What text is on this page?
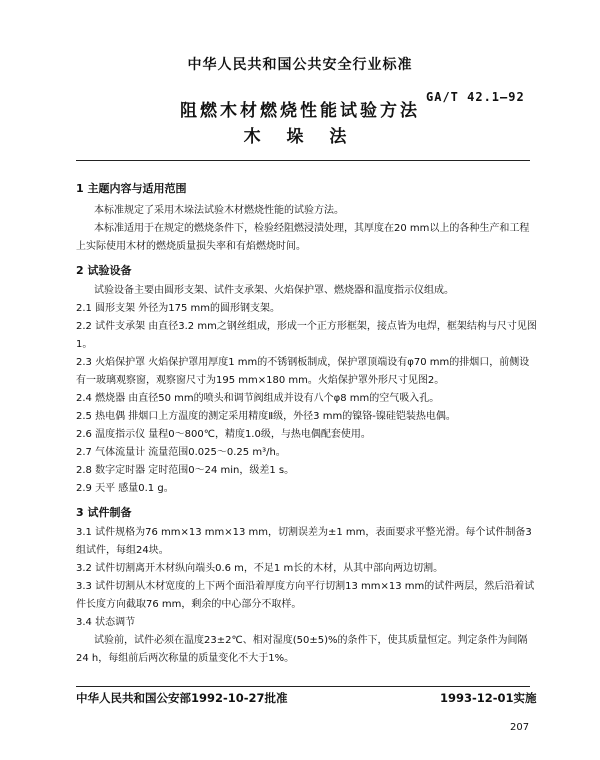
中华人民共和国公共安全行业标准
GA/T 42.1—92
阻燃木材燃烧性能试验方法
木 垛 法
1 主题内容与适用范围
本标准规定了采用木垛法试验木材燃烧性能的试验方法。
本标准适用于在规定的燃烧条件下，检验经阻燃浸渍处理，其厚度在20 mm以上的各种生产和工程上实际使用木材的燃烧质量损失率和有焰燃烧时间。
2 试验设备
试验设备主要由圆形支架、试件支承架、火焰保护罩、燃烧器和温度指示仪组成。
2.1 圆形支架 外径为175 mm的圆形钢支架。
2.2 试件支承架 由直径3.2 mm之钢丝组成，形成一个正方形框架，接点皆为电焊，框架结构与尺寸见图1。
2.3 火焰保护罩 火焰保护罩用厚度1 mm的不锈钢板制成，保护罩顶端设有φ70 mm的排烟口，前侧设有一玻璃观察窗，观察窗尺寸为195 mm×180 mm。火焰保护罩外形尺寸见图2。
2.4 燃烧器 由直径50 mm的喷头和调节阀组成并设有八个φ8 mm的空气吸入孔。
2.5 热电偶 排烟口上方温度的测定采用精度Ⅱ级，外径3 mm的镍铬-镍硅铠装热电偶。
2.6 温度指示仪 量程0～800℃，精度1.0级，与热电偶配套使用。
2.7 气体流量计 流量范围0.025～0.25 m³/h。
2.8 数字定时器 定时范围0～24 min，级差1 s。
2.9 天平 感量0.1 g。
3 试件制备
3.1 试件规格为76 mm×13 mm×13 mm，切割误差为±1 mm，表面要求平整光滑。每个试件制备3组试件，每组24块。
3.2 试件切割离开木材纵向端头0.6 m，不足1 m长的木材，从其中部向两边切割。
3.3 试件切割从木材宽度的上下两个面沿着厚度方向平行切割13 mm×13 mm的试件两层，然后沿着试件长度方向截取76 mm，剩余的中心部分不取样。
3.4 状态调节
试验前，试件必须在温度23±2℃、相对湿度(50±5)%的条件下，使其质量恒定。判定条件为间隔24 h，每组前后两次称量的质量变化不大于1%。
中华人民共和国公安部1992-10-27批准	1993-12-01实施
207
